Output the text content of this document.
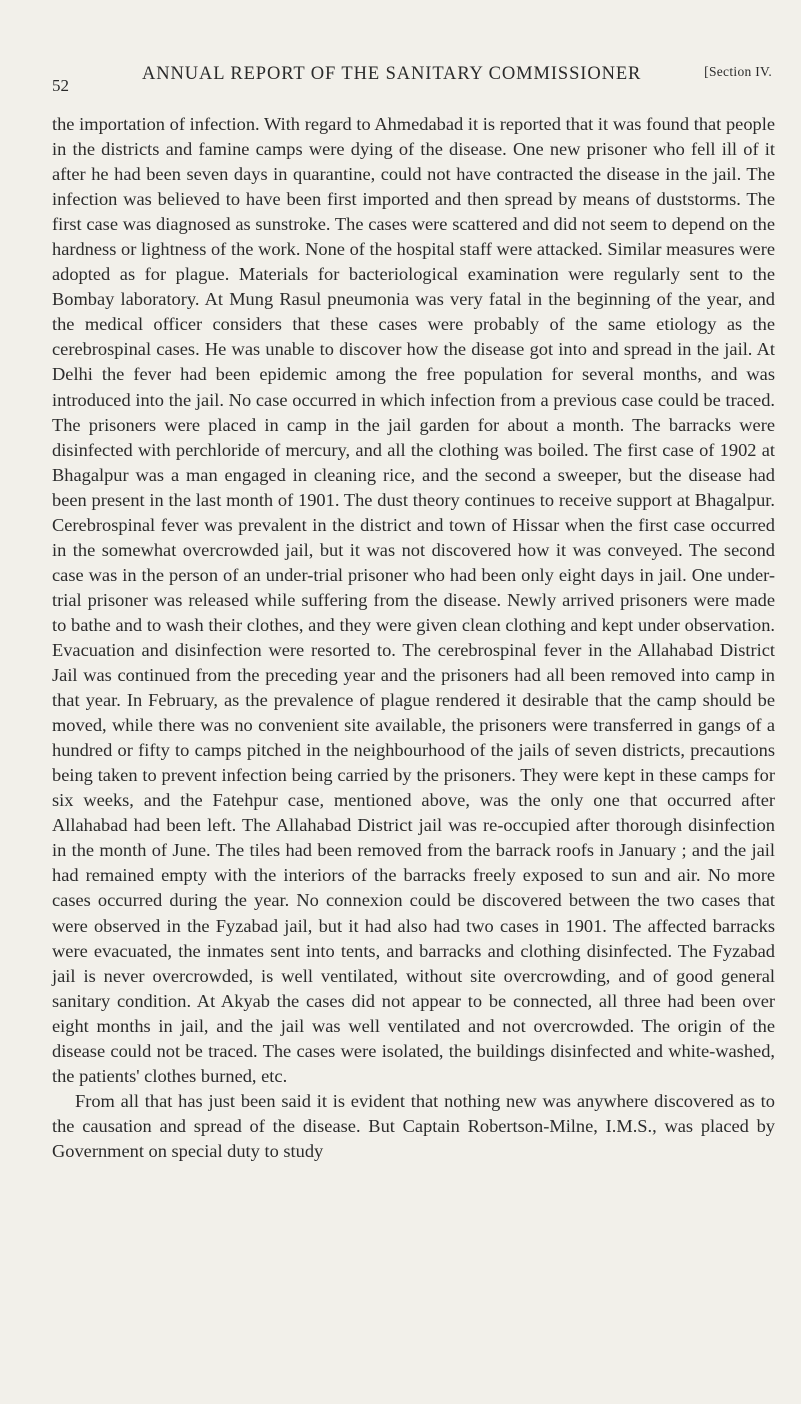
52
ANNUAL REPORT OF THE SANITARY COMMISSIONER	[Section IV.

the importation of infection. With regard to Ahmedabad it is reported that it was found that people in the districts and famine camps were dying of the disease. One new prisoner who fell ill of it after he had been seven days in quarantine, could not have contracted the disease in the jail. The infection was believed to have been first imported and then spread by means of duststorms. The first case was diagnosed as sunstroke. The cases were scattered and did not seem to depend on the hardness or lightness of the work. None of the hospital staff were attacked. Similar measures were adopted as for plague. Materials for bacteriological examination were regularly sent to the Bombay laboratory. At Mung Rasul pneumonia was very fatal in the beginning of the year, and the medical officer considers that these cases were probably of the same etiology as the cerebrospinal cases. He was unable to discover how the disease got into and spread in the jail. At Delhi the fever had been epidemic among the free population for several months, and was introduced into the jail. No case occurred in which infection from a previous case could be traced. The prisoners were placed in camp in the jail garden for about a month. The barracks were disinfected with perchloride of mercury, and all the clothing was boiled. The first case of 1902 at Bhagalpur was a man engaged in cleaning rice, and the second a sweeper, but the disease had been present in the last month of 1901. The dust theory continues to receive support at Bhagalpur. Cerebrospinal fever was prevalent in the district and town of Hissar when the first case occurred in the somewhat overcrowded jail, but it was not discovered how it was conveyed. The second case was in the person of an under-trial prisoner who had been only eight days in jail. One under-trial prisoner was released while suffering from the disease. Newly arrived prisoners were made to bathe and to wash their clothes, and they were given clean clothing and kept under observation. Evacuation and disinfection were resorted to. The cerebrospinal fever in the Allahabad District Jail was continued from the preceding year and the prisoners had all been removed into camp in that year. In February, as the prevalence of plague rendered it desirable that the camp should be moved, while there was no convenient site available, the prisoners were transferred in gangs of a hundred or fifty to camps pitched in the neighbourhood of the jails of seven districts, precautions being taken to prevent infection being carried by the prisoners. They were kept in these camps for six weeks, and the Fatehpur case, mentioned above, was the only one that occurred after Allahabad had been left. The Allahabad District jail was re-occupied after thorough disinfection in the month of June. The tiles had been removed from the barrack roofs in January ; and the jail had remained empty with the interiors of the barracks freely exposed to sun and air. No more cases occurred during the year. No connexion could be discovered between the two cases that were observed in the Fyzabad jail, but it had also had two cases in 1901. The affected barracks were evacuated, the inmates sent into tents, and barracks and clothing disinfected. The Fyzabad jail is never overcrowded, is well ventilated, without site overcrowding, and of good general sanitary condition. At Akyab the cases did not appear to be connected, all three had been over eight months in jail, and the jail was well ventilated and not overcrowded. The origin of the disease could not be traced. The cases were isolated, the buildings disinfected and white-washed, the patients' clothes burned, etc.

From all that has just been said it is evident that nothing new was anywhere discovered as to the causation and spread of the disease. But Captain Robertson-Milne, I.M.S., was placed by Government on special duty to study
